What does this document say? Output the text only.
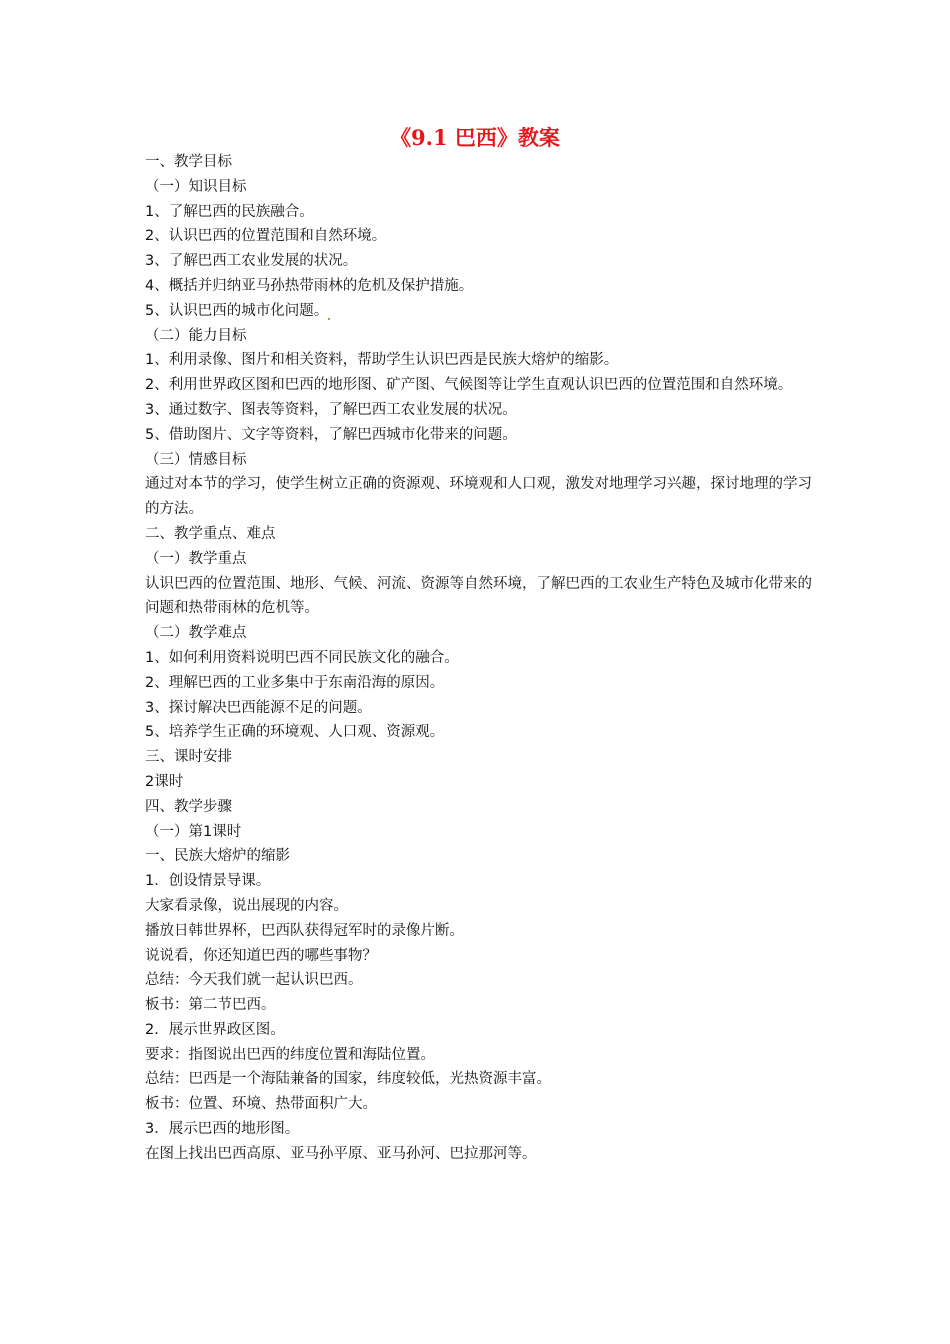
《9.1 巴西》教案
一、教学目标
（一）知识目标
1、了解巴西的民族融合。
2、认识巴西的位置范围和自然环境。
3、了解巴西工农业发展的状况。
4、概括并归纳亚马孙热带雨林的危机及保护措施。
5、认识巴西的城市化问题。
（二）能力目标
1、利用录像、图片和相关资料，帮助学生认识巴西是民族大熔炉的缩影。
2、利用世界政区图和巴西的地形图、矿产图、气候图等让学生直观认识巴西的位置范围和自然环境。
3、通过数字、图表等资料，了解巴西工农业发展的状况。
5、借助图片、文字等资料，了解巴西城市化带来的问题。
（三）情感目标
通过对本节的学习，使学生树立正确的资源观、环境观和人口观，激发对地理学习兴趣，探讨地理的学习的方法。
二、教学重点、难点
（一）教学重点
认识巴西的位置范围、地形、气候、河流、资源等自然环境，了解巴西的工农业生产特色及城市化带来的问题和热带雨林的危机等。
（二）教学难点
1、如何利用资料说明巴西不同民族文化的融合。
2、理解巴西的工业多集中于东南沿海的原因。
3、探讨解决巴西能源不足的问题。
5、培养学生正确的环境观、人口观、资源观。
三、课时安排
2课时
四、教学步骤
（一）第1课时
一、民族大熔炉的缩影
1．创设情景导课。
大家看录像，说出展现的内容。
播放日韩世界杯，巴西队获得冠军时的录像片断。
说说看，你还知道巴西的哪些事物？
总结：今天我们就一起认识巴西。
板书：第二节巴西。
2．展示世界政区图。
要求：指图说出巴西的纬度位置和海陆位置。
总结：巴西是一个海陆兼备的国家，纬度较低，光热资源丰富。
板书：位置、环境、热带面积广大。
3．展示巴西的地形图。
在图上找出巴西高原、亚马孙平原、亚马孙河、巴拉那河等。
